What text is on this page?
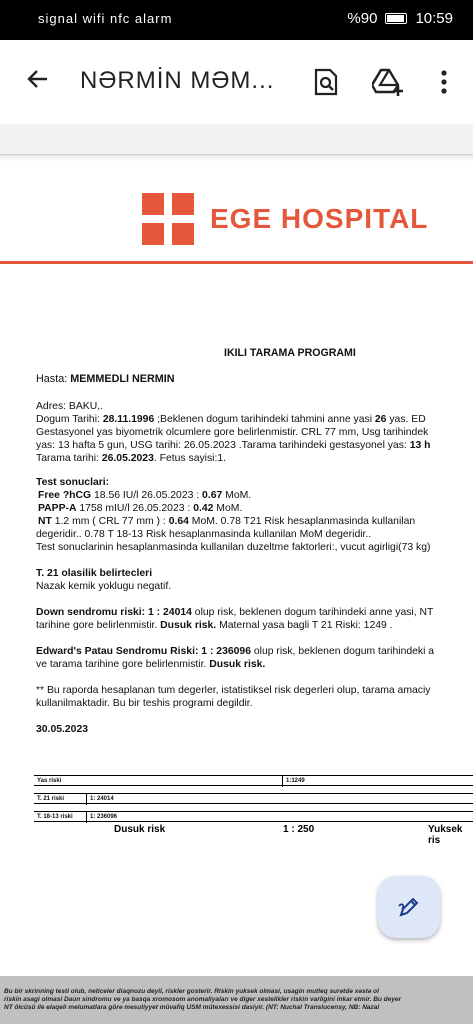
signal wifi nfc alarm	%90	10:59
NƏRMİN MƏM...
EGE HOSPITAL
IKILI TARAMA PROGRAMI

Hasta: MEMMEDLI NERMIN

Adres: BAKU,.

Dogum Tarihi: 28.11.1996 ;Beklenen dogum tarihindeki tahmini anne yasi 26 yas. ED

Gestasyonel yas biyometrik olcumlere gore belirlenmistir. CRL 77 mm, Usg tarihindek

yas: 13 hafta 5 gun, USG tarihi: 26.05.2023 .Tarama tarihindeki gestasyonel yas: 13 h

Tarama tarihi: 26.05.2023. Fetus sayisi:1.

Test sonuclari:

Free ?hCG 18.56 IU/l 26.05.2023 : 0.67 MoM.

PAPP-A 1758 mIU/l 26.05.2023 : 0.42 MoM.

NT 1.2 mm ( CRL 77 mm ) : 0.64 MoM. 0.78 T21 Risk hesaplanmasinda kullanilan

degeridir.. 0.78 T 18-13 Risk hesaplanmasinda kullanilan MoM degeridir..

Test sonuclarinin hesaplanmasinda kullanilan duzeltme faktorleri:, vucut agirligi(73 kg)

T. 21 olasilik belirtecleri

Nazak kemik yoklugu negatif.

Down sendromu riski: 1 : 24014 olup risk, beklenen dogum tarihindeki anne yasi, NT

tarihine gore belirlenmistir. Dusuk risk. Maternal yasa bagli T 21 Riski: 1249 .

Edward's Patau Sendromu Riski: 1 : 236096 olup risk, beklenen dogum tarihindeki a

ve tarama tarihine gore belirlenmistir. Dusuk risk.

** Bu raporda hesaplanan tum degerler, istatistiksel risk degerleri olup, tarama amaciy

kullanilmaktadir. Bu bir teshis programi degildir.

30.05.2023

Yas riski	1:1249
T. 21 riski	1: 24014
T. 18-13 riski	1: 236096
Dusuk risk	1 : 250	Yuksek ris
Bu bir skrinning testi olub, neticeler diaqnozu deyil, riskler gosterir. Riskin yuksek olmasi, usagin mutleq surətdə xəstə ol
riskin asagi olmasi Daun sindromu ve ya basqa xromosom anomaliyaları ve diger xestelikler riskin varligini inkar etmir. Bu deyer
NT ölcüsü ile elaqeli melumatlara görə mesuliyyet müvafiq USM mütexessisi dasiyir. (NT: Nuchal Translucensy, NB: Nazal
